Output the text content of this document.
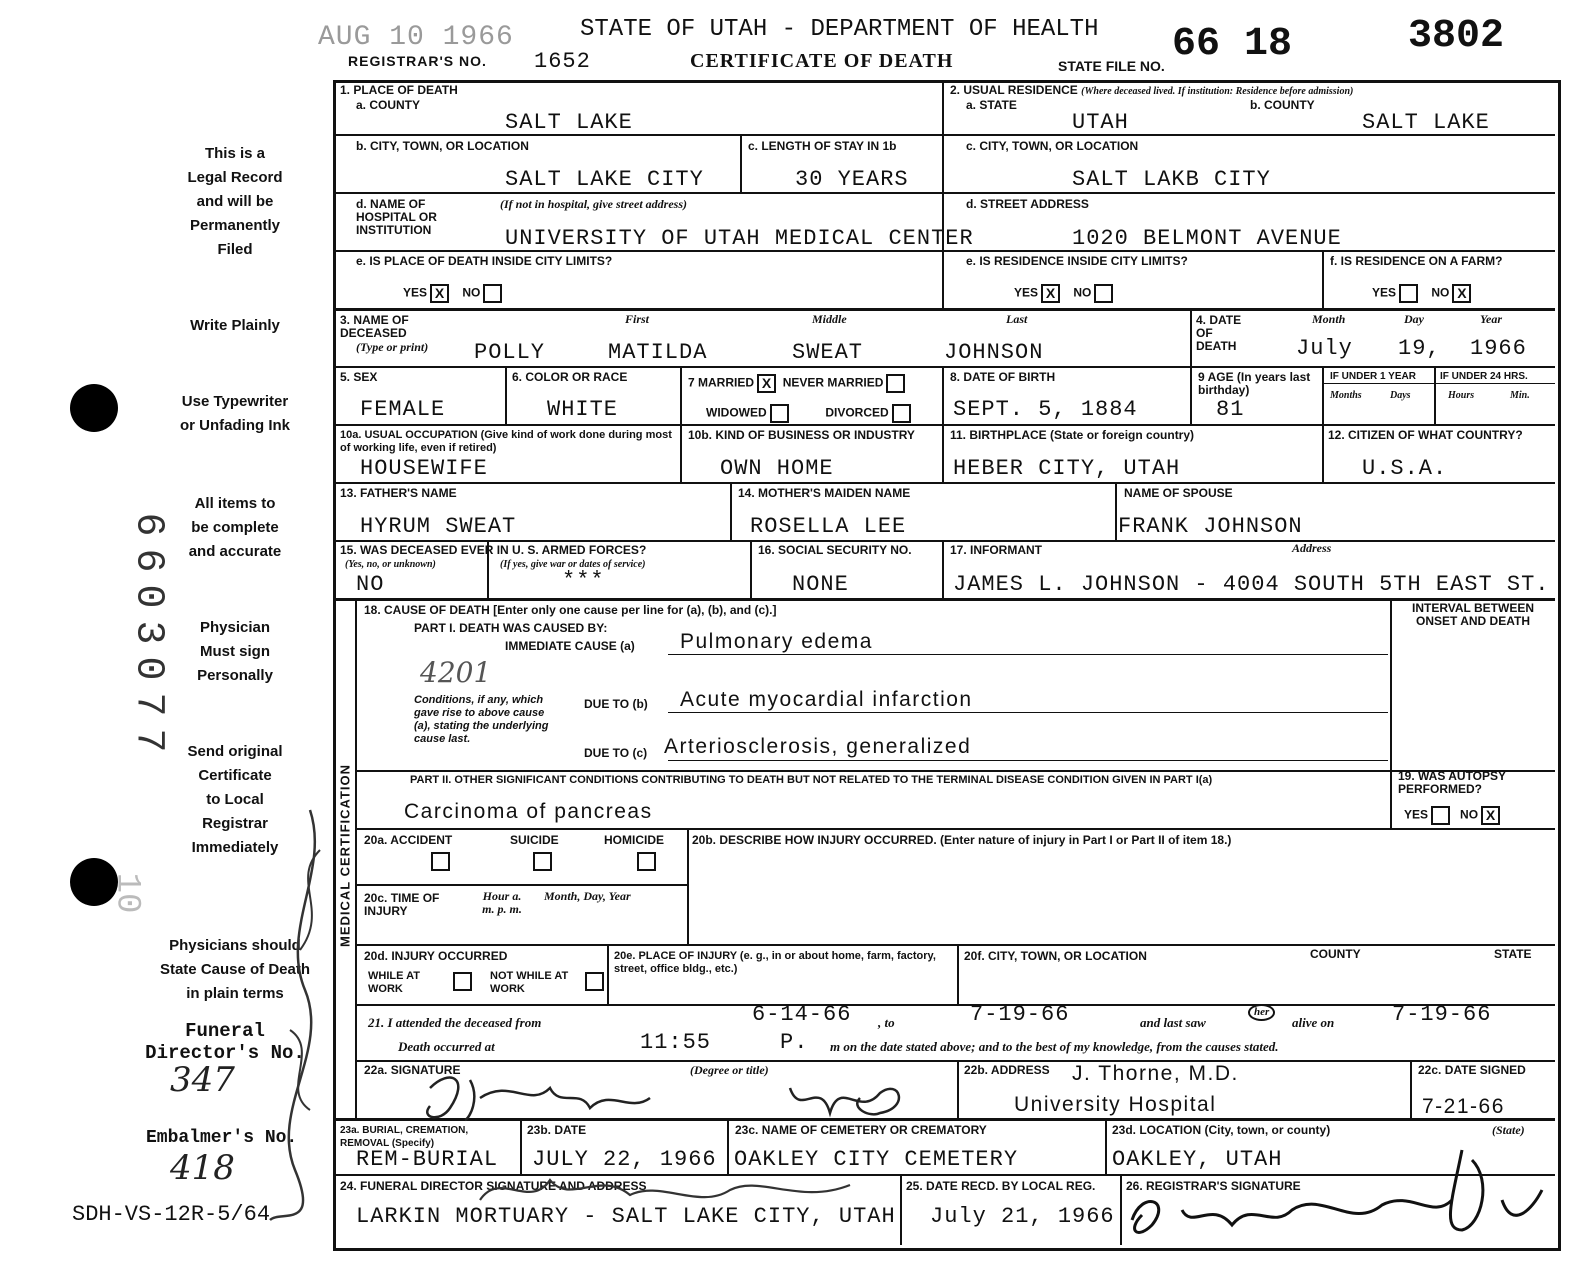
AUG 10 1966	STATE OF UTAH - DEPARTMENT OF HEALTH 66 18	3802
REGISTRAR'S NO. 1652	CERTIFICATE OF DEATH	STATE FILE NO.
This is a
Legal Record
and will be
Permanently
Filed
Write Plainly
Use Typewriter
or Unfading Ink
All items to
be complete
and accurate
Physician
Must sign
Personally
Send original
Certificate
to Local
Registrar
Immediately
Physicians should
State Cause of Death
in plain terms
Funeral
Director's No.
347
Embalmer's No.
418
SDH-VS-12R-5/64
6603077
10
1. PLACE OF DEATH
a. COUNTY
SALT LAKE
2. USUAL RESIDENCE (Where deceased lived. If institution: Residence before admission)
a. STATE	b. COUNTY
UTAH	SALT LAKE
b. CITY, TOWN, OR LOCATION
SALT LAKE CITY
c. LENGTH OF STAY IN 1b
30 YEARS
c. CITY, TOWN, OR LOCATION
SALT LAKB CITY
d. NAME OF HOSPITAL OR INSTITUTION
(If not in hospital, give street address)
UNIVERSITY OF UTAH MEDICAL CENTER
d. STREET ADDRESS
1020 BELMONT AVENUE
e. IS PLACE OF DEATH INSIDE CITY LIMITS?
YES X	NO
e. IS RESIDENCE INSIDE CITY LIMITS?
YES X	NO
f. IS RESIDENCE ON A FARM?
YES	NOX
3. NAME OF DECEASED
(Type or print)
First	Middle	Last
POLLY	MATILDA	SWEAT	JOHNSON
4. DATE OF DEATH
Month	Day	Year
July 19, 1966
5. SEX
FEMALE
6. COLOR OR RACE
WHITE
7 MARRIED X NEVER MARRIED
WIDOWED	DIVORCED
8. DATE OF BIRTH
SEPT. 5, 1884
9 AGE (In years last birthday)
81
IF UNDER 1 YEAR IF UNDER 24 HRS.
Months	Days	Hours	Min.
10a. USUAL OCCUPATION (Give kind of work done during most of working life, even if retired)
HOUSEWIFE
10b. KIND OF BUSINESS OR INDUSTRY
OWN HOME
11. BIRTHPLACE (State or foreign country)
HEBER CITY, UTAH
12. CITIZEN OF WHAT COUNTRY?
U.S.A.
13. FATHER'S NAME
HYRUM SWEAT
14. MOTHER'S MAIDEN NAME
ROSELLA LEE
NAME OF SPOUSE
FRANK JOHNSON
15. WAS DECEASED EVER IN U. S. ARMED FORCES?
(Yes, no, or unknown)	(If yes, give war or dates of service)
NO	***
16. SOCIAL SECURITY NO.
NONE
17. INFORMANT	Address
JAMES L. JOHNSON - 4004 SOUTH 5TH EAST ST.
MEDICAL CERTIFICATION
18. CAUSE OF DEATH [Enter only one cause per line for (a), (b), and (c).]
PART I. DEATH WAS CAUSED BY:
IMMEDIATE CAUSE (a) Pulmonary edema
4201
Conditions, if any, which gave rise to above cause (a), stating the underlying cause last.
DUE TO (b) Acute myocardial infarction
DUE TO (c) Arteriosclerosis, generalized
PART II. OTHER SIGNIFICANT CONDITIONS CONTRIBUTING TO DEATH BUT NOT RELATED TO THE TERMINAL DISEASE CONDITION GIVEN IN PART I(a)
Carcinoma of pancreas
INTERVAL BETWEEN ONSET AND DEATH
19. WAS AUTOPSY PERFORMED?
YES	NOX
20a. ACCIDENT	SUICIDE	HOMICIDE 20b. DESCRIBE HOW INJURY OCCURRED. (Enter nature of injury in Part I or Part II of item 18.)
20c. TIME OF INJURY
Hour a. m. p. m.
Month, Day, Year
20d. INJURY OCCURRED
WHILE AT WORK
NOT WHILE AT WORK
20e. PLACE OF INJURY (e. g., in or about home, farm, factory, street, office bldg., etc.)
20f. CITY, TOWN, OR LOCATION	COUNTY	STATE
21. I attended the deceased from	6-14-66 , to	7-19-66	and last saw
her
alive on	7-19-66
Death occurred at	11:55	P. m on the date stated above; and to the best of my knowledge, from the causes stated.
22a. SIGNATURE	(Degree or title)	22b. ADDRESS J. Thorne, M.D.
University Hospital
22c. DATE SIGNED
7-21-66
23a. BURIAL, CREMATION, REMOVAL (Specify)
REM-BURIAL
23b. DATE
JULY 22, 1966
23c. NAME OF CEMETERY OR CREMATORY
OAKLEY CITY CEMETERY
23d. LOCATION (City, town, or county)	(State)
OAKLEY, UTAH
24. FUNERAL DIRECTOR SIGNATURE AND ADDRESS
LARKIN MORTUARY - SALT LAKE CITY, UTAH
25. DATE RECD. BY LOCAL REG.
July 21, 1966
26. REGISTRAR'S SIGNATURE
